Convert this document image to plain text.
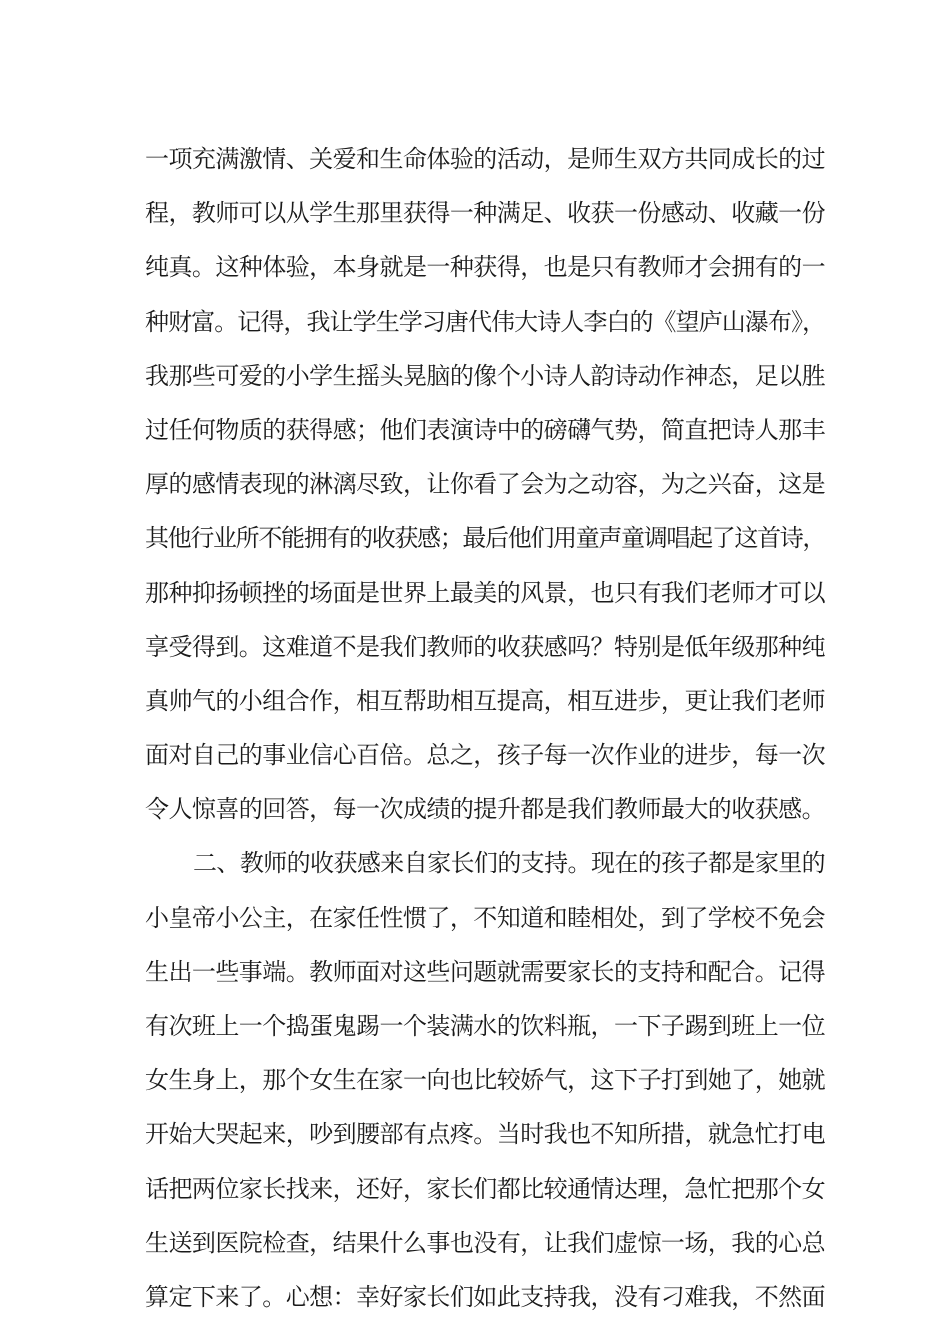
一项充满激情、关爱和生命体验的活动，是师生双方共同成长的过
程，教师可以从学生那里获得一种满足、收获一份感动、收藏一份
纯真。这种体验，本身就是一种获得，也是只有教师才会拥有的一
种财富。记得，我让学生学习唐代伟大诗人李白的《望庐山瀑布》，
我那些可爱的小学生摇头晃脑的像个小诗人韵诗动作神态，足以胜
过任何物质的获得感；他们表演诗中的磅礴气势，简直把诗人那丰
厚的感情表现的淋漓尽致，让你看了会为之动容，为之兴奋，这是
其他行业所不能拥有的收获感；最后他们用童声童调唱起了这首诗，
那种抑扬顿挫的场面是世界上最美的风景，也只有我们老师才可以
享受得到。这难道不是我们教师的收获感吗？特别是低年级那种纯
真帅气的小组合作，相互帮助相互提高，相互进步，更让我们老师
面对自己的事业信心百倍。总之，孩子每一次作业的进步，每一次
令人惊喜的回答，每一次成绩的提升都是我们教师最大的收获感。
二、教师的收获感来自家长们的支持。现在的孩子都是家里的
小皇帝小公主，在家任性惯了，不知道和睦相处，到了学校不免会
生出一些事端。教师面对这些问题就需要家长的支持和配合。记得
有次班上一个捣蛋鬼踢一个装满水的饮料瓶，一下子踢到班上一位
女生身上，那个女生在家一向也比较娇气，这下子打到她了，她就
开始大哭起来，吵到腰部有点疼。当时我也不知所措，就急忙打电
话把两位家长找来，还好，家长们都比较通情达理，急忙把那个女
生送到医院检查，结果什么事也没有，让我们虚惊一场，我的心总
算定下来了。心想：幸好家长们如此支持我，没有刁难我，不然面
